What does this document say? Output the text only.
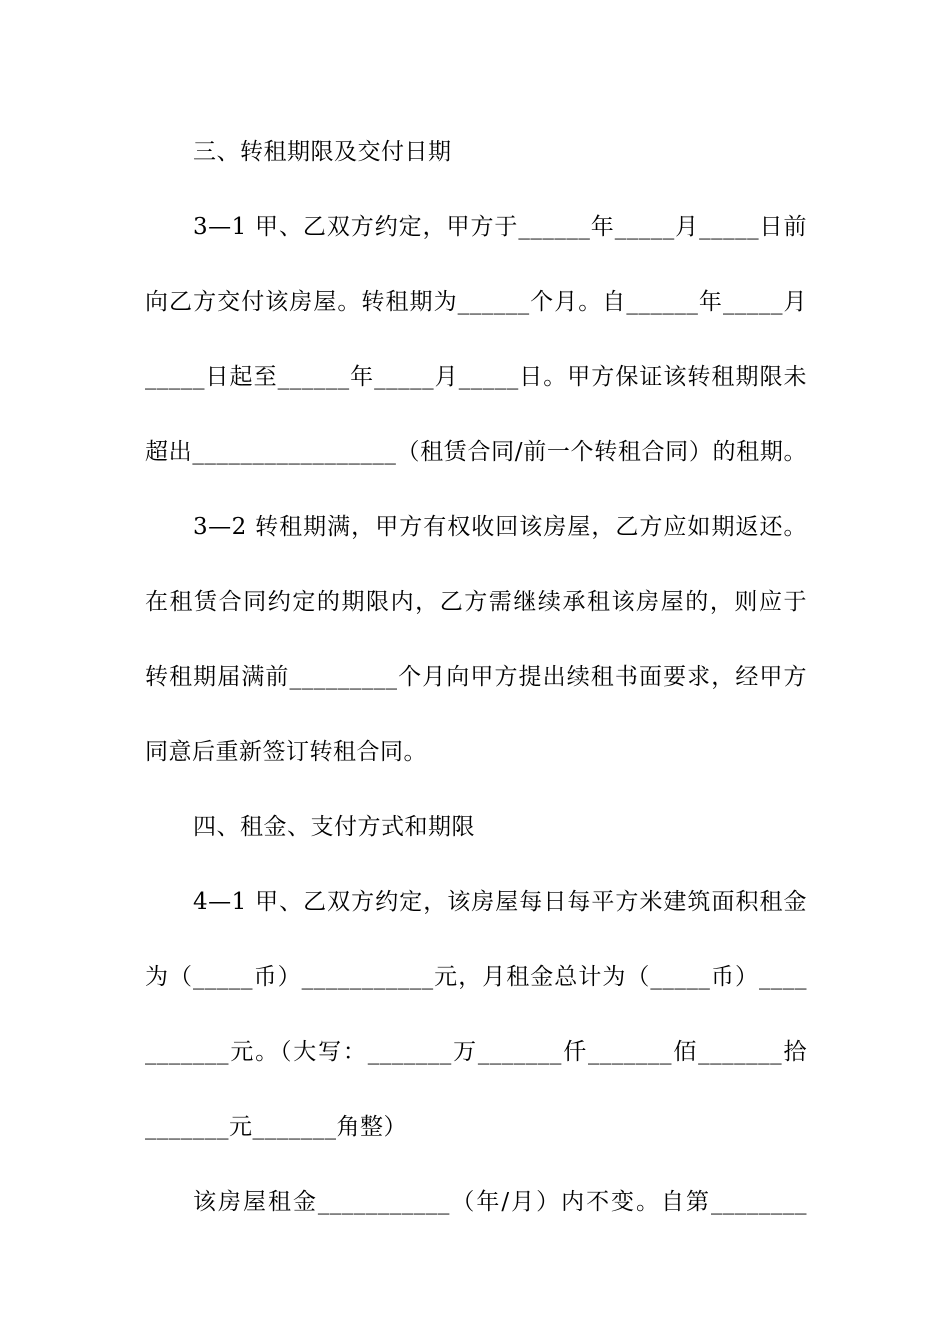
三、转租期限及交付日期
3—1 甲、乙双方约定，甲方于______年_____月_____日前
向乙方交付该房屋。转租期为______个月。自______年_____月
_____日起至______年_____月_____日。甲方保证该转租期限未
超出_________________（租赁合同/前一个转租合同）的租期。
3—2 转租期满，甲方有权收回该房屋，乙方应如期返还。
在租赁合同约定的期限内，乙方需继续承租该房屋的，则应于
转租期届满前_________个月向甲方提出续租书面要求，经甲方
同意后重新签订转租合同。
四、租金、支付方式和期限
4—1 甲、乙双方约定，该房屋每日每平方米建筑面积租金
为（_____币）___________元，月租金总计为（_____币）____
_______元。（大写：_______万_______仟_______佰_______拾
_______元_______角整）
该房屋租金___________（年/月）内不变。自第________
